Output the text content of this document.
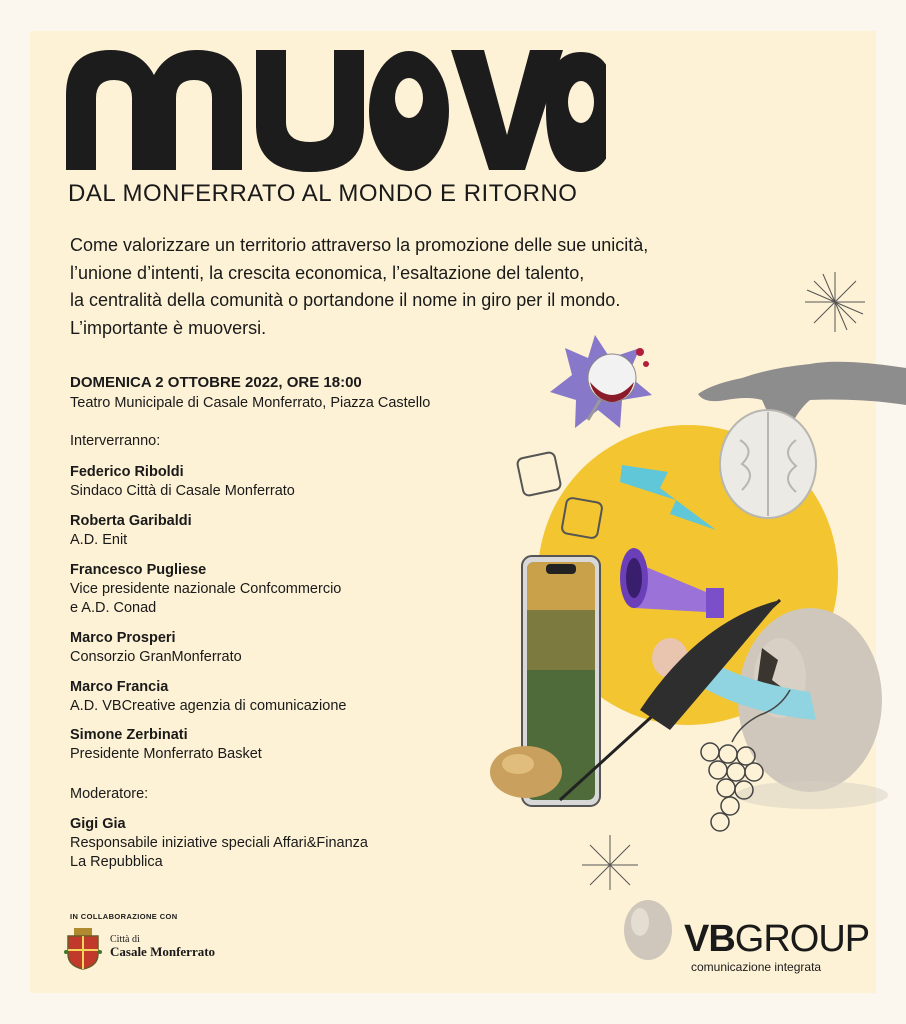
DAL MONFERRATO AL MONDO E RITORNO

Come valorizzare un territorio attraverso la promozione delle sue unicità,

l’unione d’intenti, la crescita economica, l’esaltazione del talento,

la centralità della comunità o portandone il nome in giro per il mondo.

L’importante è muoversi.

DOMENICA 2 OTTOBRE 2022, ORE 18:00
Teatro Municipale di Casale Monferrato, Piazza Castello
Interverranno:
Federico Riboldi
Sindaco Città di Casale Monferrato
Roberta Garibaldi
A.D. Enit
Francesco Pugliese
Vice presidente nazionale Confcommercio
e A.D. Conad
Marco Prosperi
Consorzio GranMonferrato
Marco Francia
A.D. VBCreative agenzia di comunicazione
Simone Zerbinati
Presidente Monferrato Basket
Moderatore:
Gigi Gia
Responsabile iniziative speciali Affari&Finanza
La Repubblica
IN COLLABORAZIONE CON
Città di
Casale Monferrato	VBGROUP
comunicazione integrata
